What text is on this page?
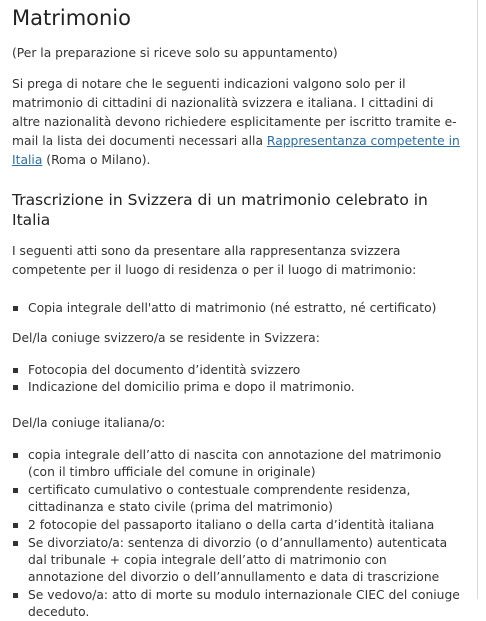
Matrimonio

(Per la preparazione si riceve solo su appuntamento)

Si prega di notare che le seguenti indicazioni valgono solo per il matrimonio di cittadini di nazionalità svizzera e italiana. I cittadini di altre nazionalità devono richiedere esplicitamente per iscritto tramite e-mail la lista dei documenti necessari alla Rappresentanza competente in Italia (Roma o Milano).

Trascrizione in Svizzera di un matrimonio celebrato in Italia

I seguenti atti sono da presentare alla rappresentanza svizzera competente per il luogo di residenza o per il luogo di matrimonio:

Copia integrale dell'atto di matrimonio (né estratto, né certificato)

Del/la coniuge svizzero/a se residente in Svizzera:

Fotocopia del documento d’identità svizzero
Indicazione del domicilio prima e dopo il matrimonio.

Del/la coniuge italiana/o:

copia integrale dell’atto di nascita con annotazione del matrimonio (con il timbro ufficiale del comune in originale)
certificato cumulativo o contestuale comprendente residenza, cittadinanza e stato civile (prima del matrimonio)
2 fotocopie del passaporto italiano o della carta d’identità italiana
Se divorziato/a: sentenza di divorzio (o d’annullamento) autenticata dal tribunale + copia integrale dell’atto di matrimonio con annotazione del divorzio o dell’annullamento e data di trascrizione
Se vedovo/a: atto di morte su modulo internazionale CIEC del coniuge deceduto.
